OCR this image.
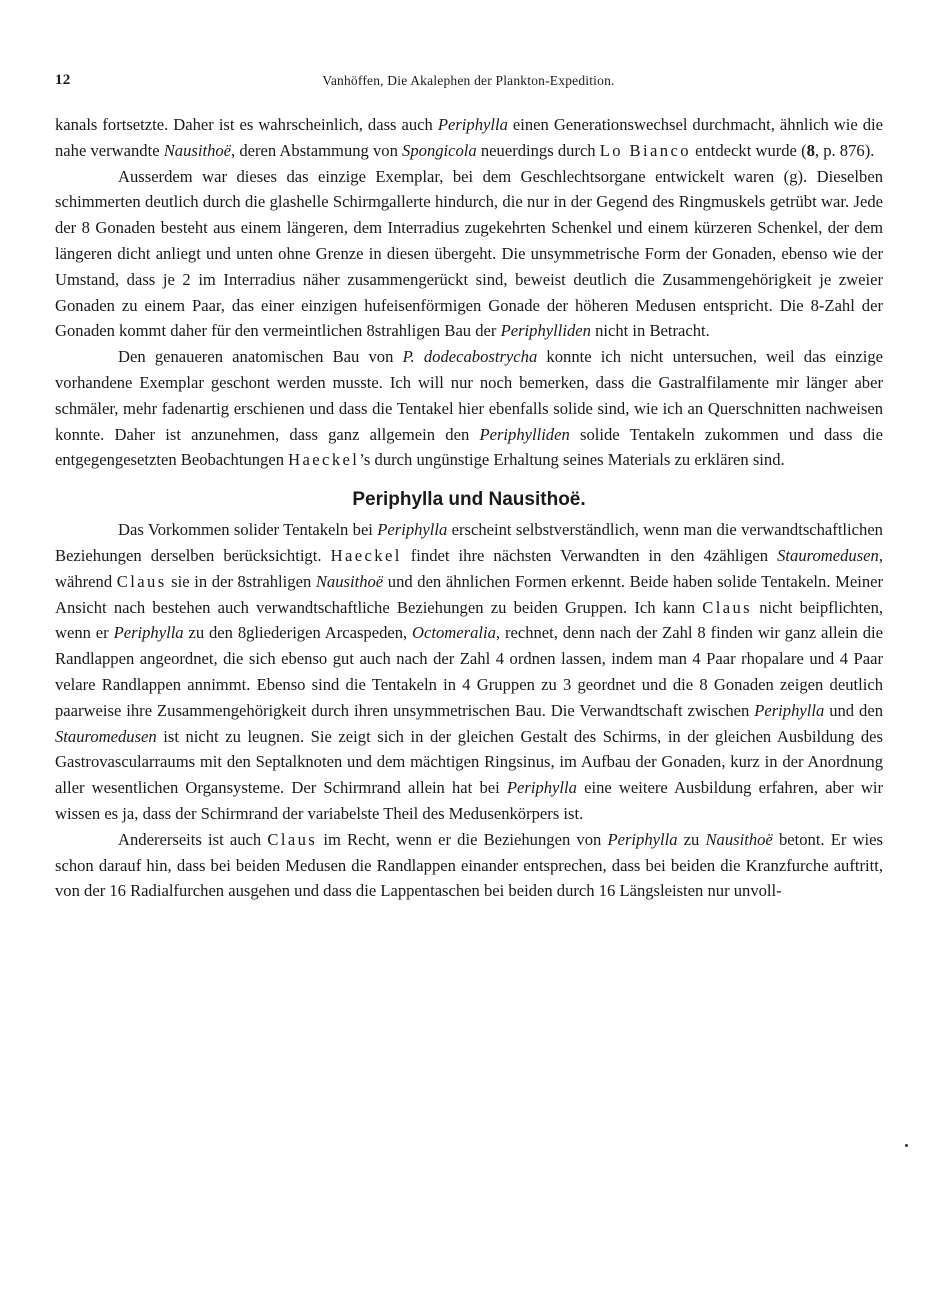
12	Vanhöffen, Die Akalephen der Plankton-Expedition.

kanals fortsetzte. Daher ist es wahrscheinlich, dass auch Periphylla einen Generationswechsel durchmacht, ähnlich wie die nahe verwandte Nausithoë, deren Abstammung von Spongicola neuerdings durch Lo Bianco entdeckt wurde (8, p. 876).

Ausserdem war dieses das einzige Exemplar, bei dem Geschlechtsorgane entwickelt waren (g). Dieselben schimmerten deutlich durch die glashelle Schirmgallerte hindurch, die nur in der Gegend des Ringmuskels getrübt war. Jede der 8 Gonaden besteht aus einem längeren, dem Interradius zugekehrten Schenkel und einem kürzeren Schenkel, der dem längeren dicht anliegt und unten ohne Grenze in diesen übergeht. Die unsymmetrische Form der Gonaden, ebenso wie der Umstand, dass je 2 im Interradius näher zusammengerückt sind, beweist deutlich die Zusammengehörigkeit je zweier Gonaden zu einem Paar, das einer einzigen hufeisenförmigen Gonade der höheren Medusen entspricht. Die 8-Zahl der Gonaden kommt daher für den vermeintlichen 8strahligen Bau der Periphylliden nicht in Betracht.

Den genaueren anatomischen Bau von P. dodecabostrycha konnte ich nicht untersuchen, weil das einzige vorhandene Exemplar geschont werden musste. Ich will nur noch bemerken, dass die Gastralfilamente mir länger aber schmäler, mehr fadenartig erschienen und dass die Tentakel hier ebenfalls solide sind, wie ich an Querschnitten nachweisen konnte. Daher ist anzunehmen, dass ganz allgemein den Periphylliden solide Tentakeln zukommen und dass die entgegengesetzten Beobachtungen Haeckel’s durch ungünstige Erhaltung seines Materials zu erklären sind.

Periphylla und Nausithoë.

Das Vorkommen solider Tentakeln bei Periphylla erscheint selbstverständlich, wenn man die verwandtschaftlichen Beziehungen derselben berücksichtigt. Haeckel findet ihre nächsten Verwandten in den 4zähligen Stauromedusen, während Claus sie in der 8strahligen Nausithoë und den ähnlichen Formen erkennt. Beide haben solide Tentakeln. Meiner Ansicht nach bestehen auch verwandtschaftliche Beziehungen zu beiden Gruppen. Ich kann Claus nicht beipflichten, wenn er Periphylla zu den 8gliederigen Arcaspeden, Octomeralia, rechnet, denn nach der Zahl 8 finden wir ganz allein die Randlappen angeordnet, die sich ebenso gut auch nach der Zahl 4 ordnen lassen, indem man 4 Paar rhopalare und 4 Paar velare Randlappen annimmt. Ebenso sind die Tentakeln in 4 Gruppen zu 3 geordnet und die 8 Gonaden zeigen deutlich paarweise ihre Zusammengehörigkeit durch ihren unsymmetrischen Bau. Die Verwandtschaft zwischen Periphylla und den Stauromedusen ist nicht zu leugnen. Sie zeigt sich in der gleichen Gestalt des Schirms, in der gleichen Ausbildung des Gastrovascularraums mit den Septalknoten und dem mächtigen Ringsinus, im Aufbau der Gonaden, kurz in der Anordnung aller wesentlichen Organsysteme. Der Schirmrand allein hat bei Periphylla eine weitere Ausbildung erfahren, aber wir wissen es ja, dass der Schirmrand der variabelste Theil des Medusenkörpers ist.

Andererseits ist auch Claus im Recht, wenn er die Beziehungen von Periphylla zu Nausithoë betont. Er wies schon darauf hin, dass bei beiden Medusen die Randlappen einander entsprechen, dass bei beiden die Kranzfurche auftritt, von der 16 Radialfurchen ausgehen und dass die Lappentaschen bei beiden durch 16 Längsleisten nur unvoll-
